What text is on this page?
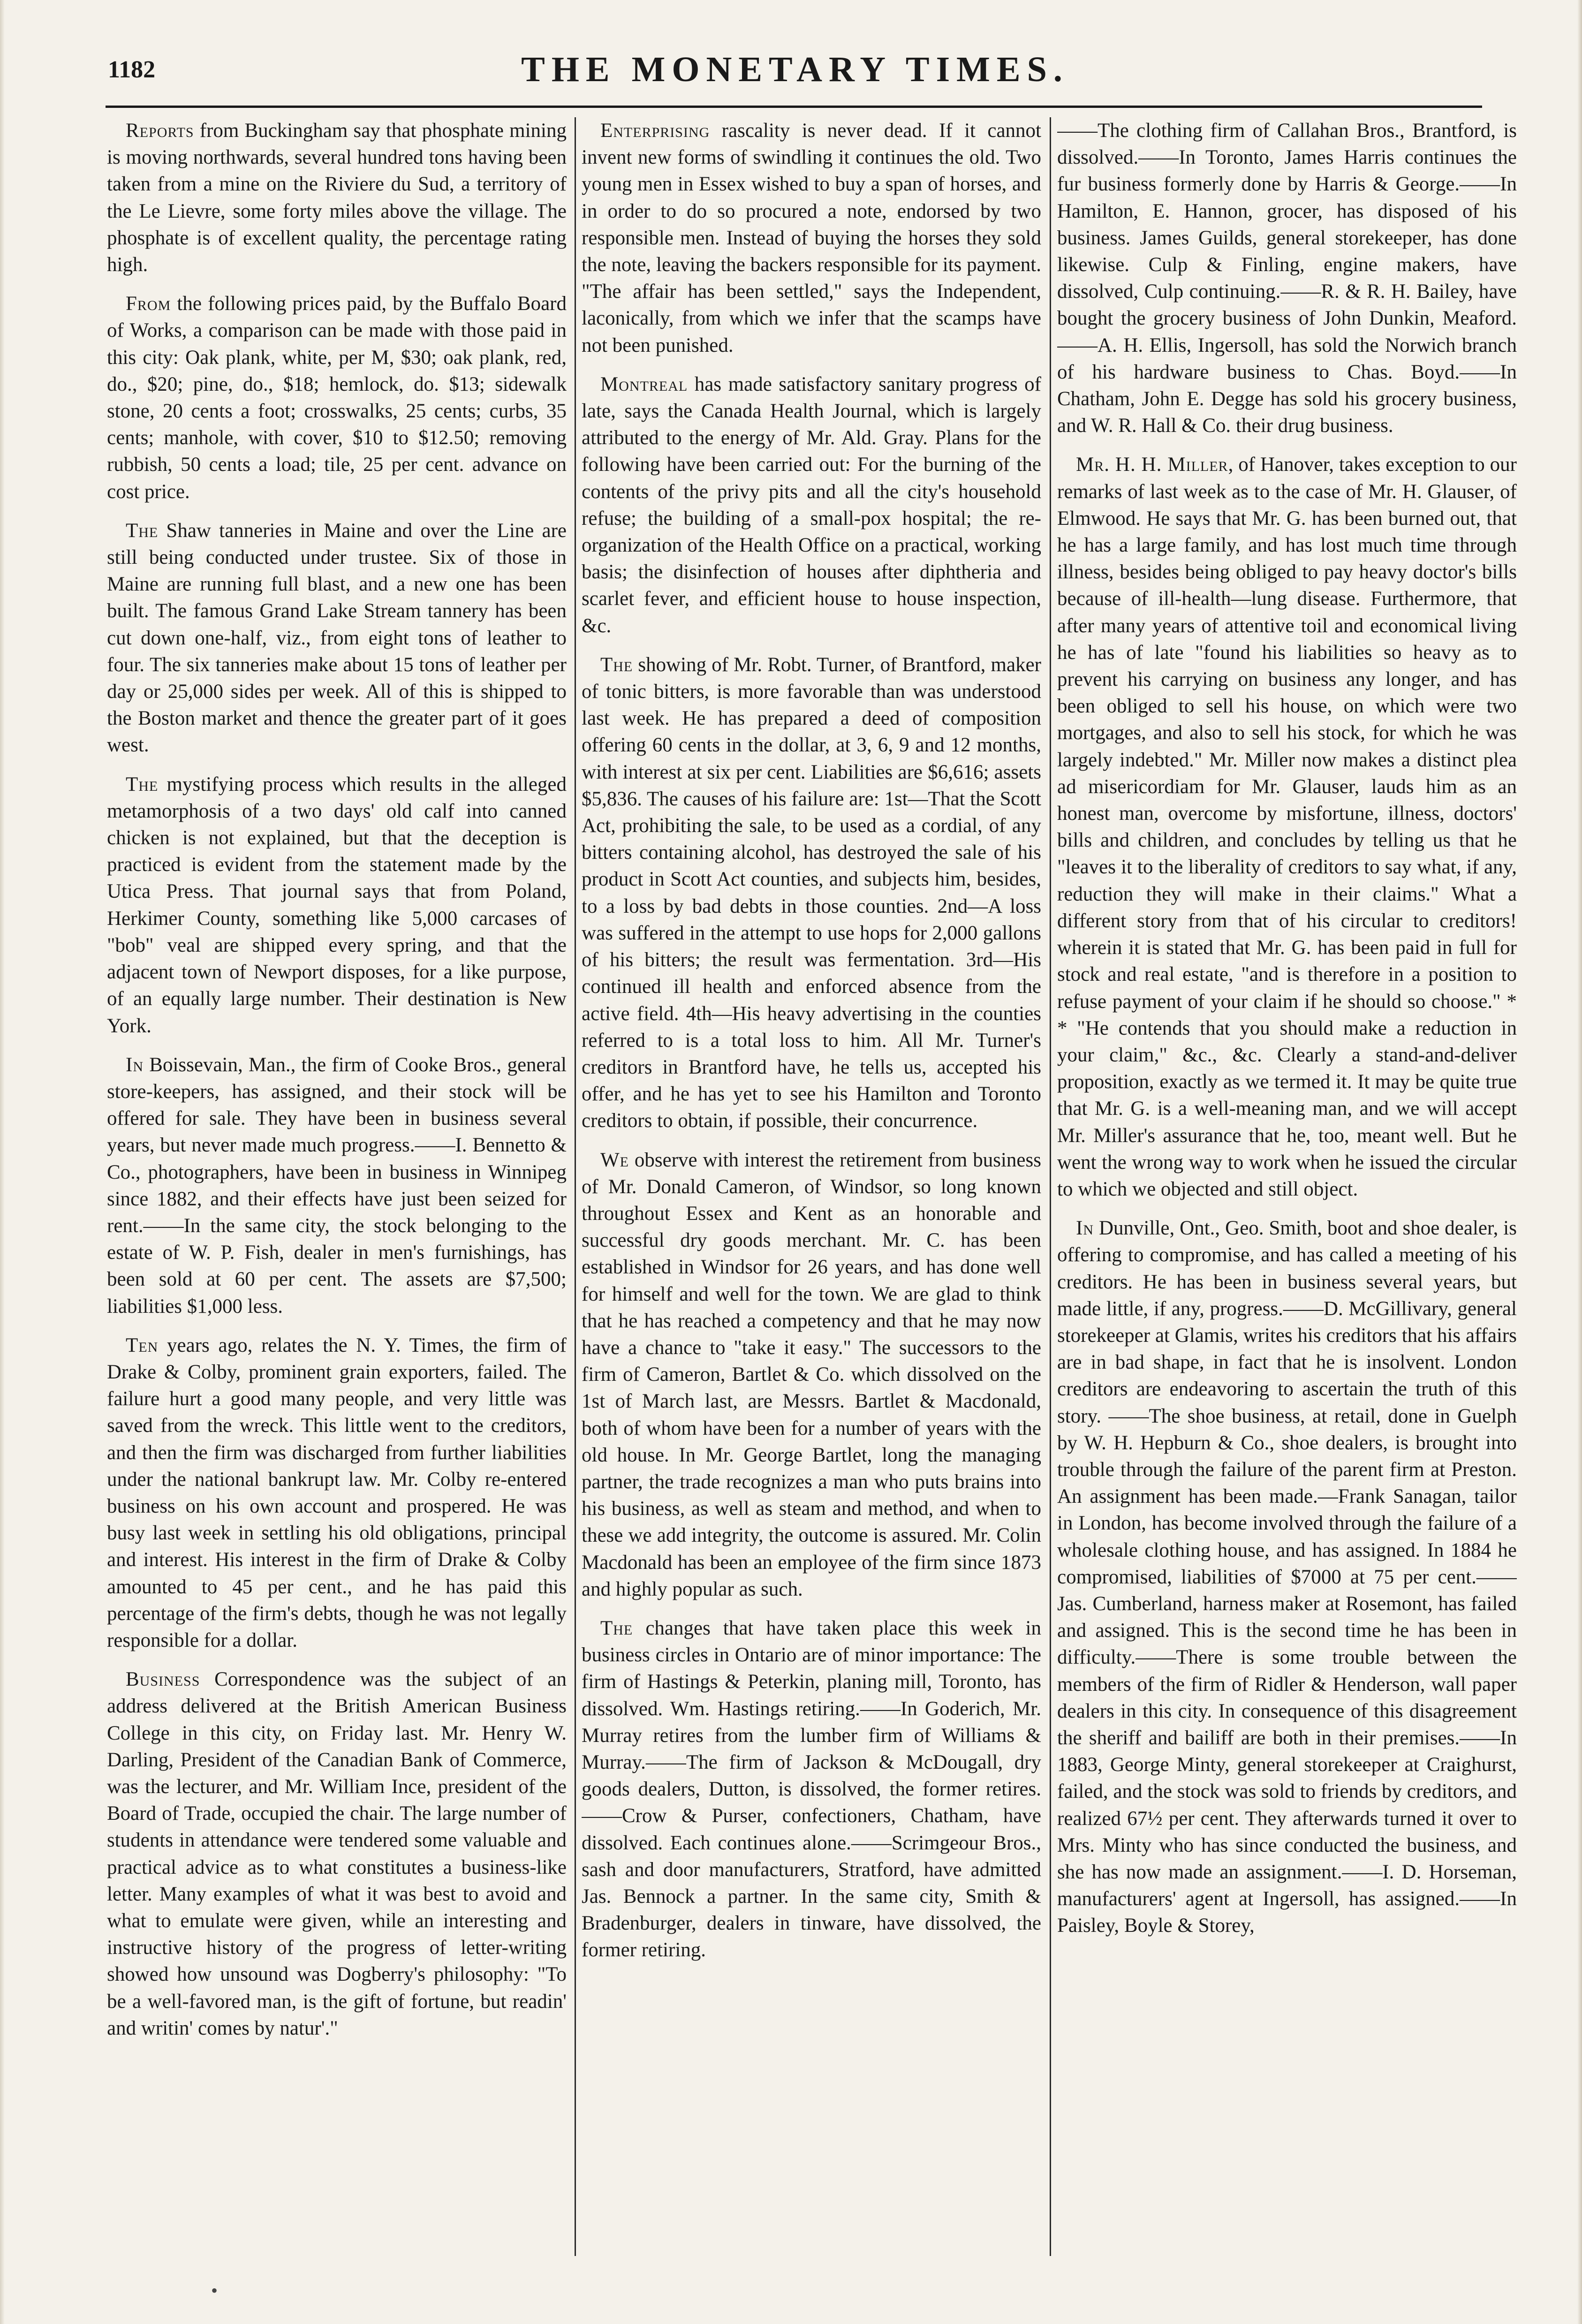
1182	THE MONETARY TIMES.

Reports from Buckingham say that phosphate mining is moving northwards, several hundred tons having been taken from a mine on the Riviere du Sud, a territory of the Le Lievre, some forty miles above the village. The phosphate is of excellent quality, the percentage rating high.

From the following prices paid, by the Buffalo Board of Works, a comparison can be made with those paid in this city: Oak plank, white, per M, $30; oak plank, red, do., $20; pine, do., $18; hemlock, do. $13; sidewalk stone, 20 cents a foot; crosswalks, 25 cents; curbs, 35 cents; manhole, with cover, $10 to $12.50; removing rubbish, 50 cents a load; tile, 25 per cent. advance on cost price.

The Shaw tanneries in Maine and over the Line are still being conducted under trustee. Six of those in Maine are running full blast, and a new one has been built. The famous Grand Lake Stream tannery has been cut down one-half, viz., from eight tons of leather to four. The six tanneries make about 15 tons of leather per day or 25,000 sides per week. All of this is shipped to the Boston market and thence the greater part of it goes west.

The mystifying process which results in the alleged metamorphosis of a two days' old calf into canned chicken is not explained, but that the deception is practiced is evident from the statement made by the Utica Press. That journal says that from Poland, Herkimer County, something like 5,000 carcases of "bob" veal are shipped every spring, and that the adjacent town of Newport disposes, for a like purpose, of an equally large number. Their destination is New York.

In Boissevain, Man., the firm of Cooke Bros., general store-keepers, has assigned, and their stock will be offered for sale. They have been in business several years, but never made much progress.——I. Bennetto & Co., photographers, have been in business in Winnipeg since 1882, and their effects have just been seized for rent.——In the same city, the stock belonging to the estate of W. P. Fish, dealer in men's furnishings, has been sold at 60 per cent. The assets are $7,500; liabilities $1,000 less.

Ten years ago, relates the N. Y. Times, the firm of Drake & Colby, prominent grain exporters, failed. The failure hurt a good many people, and very little was saved from the wreck. This little went to the creditors, and then the firm was discharged from further liabilities under the national bankrupt law. Mr. Colby re-entered business on his own account and prospered. He was busy last week in settling his old obligations, principal and interest. His interest in the firm of Drake & Colby amounted to 45 per cent., and he has paid this percentage of the firm's debts, though he was not legally responsible for a dollar.

Business Correspondence was the subject of an address delivered at the British American Business College in this city, on Friday last. Mr. Henry W. Darling, President of the Canadian Bank of Commerce, was the lecturer, and Mr. William Ince, president of the Board of Trade, occupied the chair. The large number of students in attendance were tendered some valuable and practical advice as to what constitutes a business-like letter. Many examples of what it was best to avoid and what to emulate were given, while an interesting and instructive history of the progress of letter-writing showed how unsound was Dogberry's philosophy: "To be a well-favored man, is the gift of fortune, but readin' and writin' comes by natur'."

Enterprising rascality is never dead. If it cannot invent new forms of swindling it continues the old. Two young men in Essex wished to buy a span of horses, and in order to do so procured a note, endorsed by two responsible men. Instead of buying the horses they sold the note, leaving the backers responsible for its payment. "The affair has been settled," says the Independent, laconically, from which we infer that the scamps have not been punished.

Montreal has made satisfactory sanitary progress of late, says the Canada Health Journal, which is largely attributed to the energy of Mr. Ald. Gray. Plans for the following have been carried out: For the burning of the contents of the privy pits and all the city's household refuse; the building of a small-pox hospital; the re-organization of the Health Office on a practical, working basis; the disinfection of houses after diphtheria and scarlet fever, and efficient house to house inspection, &c.

The showing of Mr. Robt. Turner, of Brantford, maker of tonic bitters, is more favorable than was understood last week. He has prepared a deed of composition offering 60 cents in the dollar, at 3, 6, 9 and 12 months, with interest at six per cent. Liabilities are $6,616; assets $5,836. The causes of his failure are: 1st—That the Scott Act, prohibiting the sale, to be used as a cordial, of any bitters containing alcohol, has destroyed the sale of his product in Scott Act counties, and subjects him, besides, to a loss by bad debts in those counties. 2nd—A loss was suffered in the attempt to use hops for 2,000 gallons of his bitters; the result was fermentation. 3rd—His continued ill health and enforced absence from the active field. 4th—His heavy advertising in the counties referred to is a total loss to him. All Mr. Turner's creditors in Brantford have, he tells us, accepted his offer, and he has yet to see his Hamilton and Toronto creditors to obtain, if possible, their concurrence.

We observe with interest the retirement from business of Mr. Donald Cameron, of Windsor, so long known throughout Essex and Kent as an honorable and successful dry goods merchant. Mr. C. has been established in Windsor for 26 years, and has done well for himself and well for the town. We are glad to think that he has reached a competency and that he may now have a chance to "take it easy." The successors to the firm of Cameron, Bartlet & Co. which dissolved on the 1st of March last, are Messrs. Bartlet & Macdonald, both of whom have been for a number of years with the old house. In Mr. George Bartlet, long the managing partner, the trade recognizes a man who puts brains into his business, as well as steam and method, and when to these we add integrity, the outcome is assured. Mr. Colin Macdonald has been an employee of the firm since 1873 and highly popular as such.

The changes that have taken place this week in business circles in Ontario are of minor importance: The firm of Hastings & Peterkin, planing mill, Toronto, has dissolved. Wm. Hastings retiring.——In Goderich, Mr. Murray retires from the lumber firm of Williams & Murray.——The firm of Jackson & McDougall, dry goods dealers, Dutton, is dissolved, the former retires.——Crow & Purser, confectioners, Chatham, have dissolved. Each continues alone.——Scrimgeour Bros., sash and door manufacturers, Stratford, have admitted Jas. Bennock a partner. In the same city, Smith & Bradenburger, dealers in tinware, have dissolved, the former retiring.

——The clothing firm of Callahan Bros., Brantford, is dissolved.——In Toronto, James Harris continues the fur business formerly done by Harris & George.——In Hamilton, E. Hannon, grocer, has disposed of his business. James Guilds, general storekeeper, has done likewise. Culp & Finling, engine makers, have dissolved, Culp continuing.——R. & R. H. Bailey, have bought the grocery business of John Dunkin, Meaford.——A. H. Ellis, Ingersoll, has sold the Norwich branch of his hardware business to Chas. Boyd.——In Chatham, John E. Degge has sold his grocery business, and W. R. Hall & Co. their drug business.

Mr. H. H. Miller, of Hanover, takes exception to our remarks of last week as to the case of Mr. H. Glauser, of Elmwood. He says that Mr. G. has been burned out, that he has a large family, and has lost much time through illness, besides being obliged to pay heavy doctor's bills because of ill-health—lung disease. Furthermore, that after many years of attentive toil and economical living he has of late "found his liabilities so heavy as to prevent his carrying on business any longer, and has been obliged to sell his house, on which were two mortgages, and also to sell his stock, for which he was largely indebted." Mr. Miller now makes a distinct plea ad misericordiam for Mr. Glauser, lauds him as an honest man, overcome by misfortune, illness, doctors' bills and children, and concludes by telling us that he "leaves it to the liberality of creditors to say what, if any, reduction they will make in their claims." What a different story from that of his circular to creditors! wherein it is stated that Mr. G. has been paid in full for stock and real estate, "and is therefore in a position to refuse payment of your claim if he should so choose." * * "He contends that you should make a reduction in your claim," &c., &c. Clearly a stand-and-deliver proposition, exactly as we termed it. It may be quite true that Mr. G. is a well-meaning man, and we will accept Mr. Miller's assurance that he, too, meant well. But he went the wrong way to work when he issued the circular to which we objected and still object.

In Dunville, Ont., Geo. Smith, boot and shoe dealer, is offering to compromise, and has called a meeting of his creditors. He has been in business several years, but made little, if any, progress.——D. McGillivary, general storekeeper at Glamis, writes his creditors that his affairs are in bad shape, in fact that he is insolvent. London creditors are endeavoring to ascertain the truth of this story. ——The shoe business, at retail, done in Guelph by W. H. Hepburn & Co., shoe dealers, is brought into trouble through the failure of the parent firm at Preston. An assignment has been made.—Frank Sanagan, tailor in London, has become involved through the failure of a wholesale clothing house, and has assigned. In 1884 he compromised, liabilities of $7000 at 75 per cent.——Jas. Cumberland, harness maker at Rosemont, has failed and assigned. This is the second time he has been in difficulty.——There is some trouble between the members of the firm of Ridler & Henderson, wall paper dealers in this city. In consequence of this disagreement the sheriff and bailiff are both in their premises.——In 1883, George Minty, general storekeeper at Craighurst, failed, and the stock was sold to friends by creditors, and realized 67½ per cent. They afterwards turned it over to Mrs. Minty who has since conducted the business, and she has now made an assignment.——I. D. Horseman, manufacturers' agent at Ingersoll, has assigned.——In Paisley, Boyle & Storey,

•
